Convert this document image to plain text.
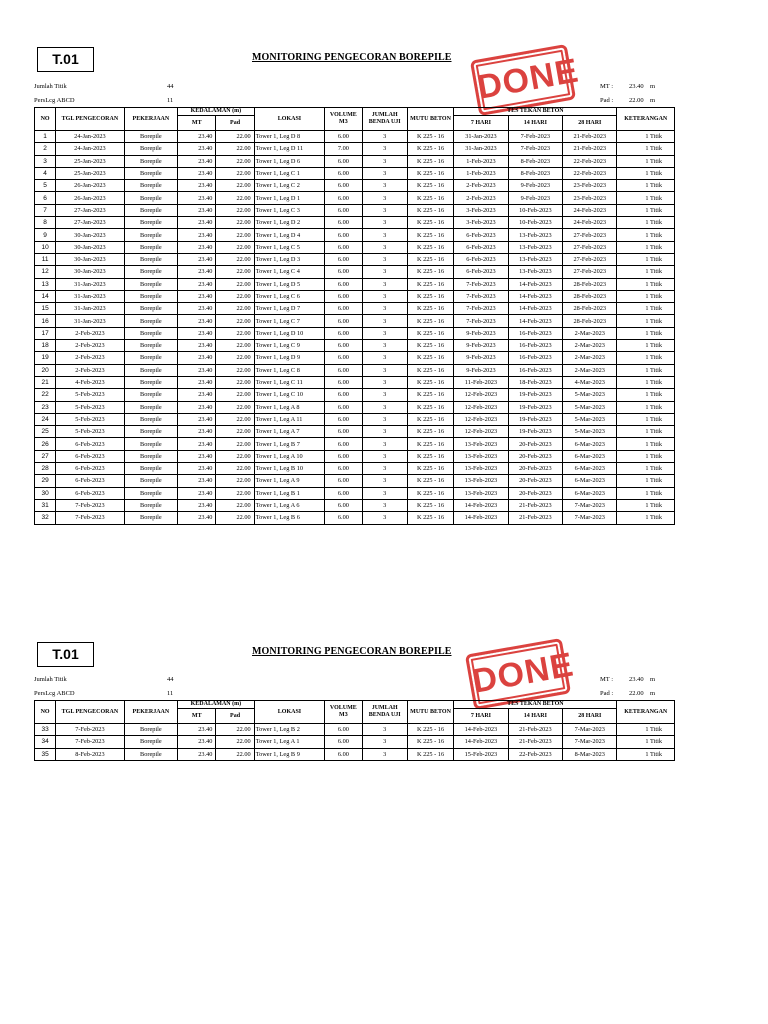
T.01	MONITORING PENGECORAN BOREPILE DONE
Jumlah Titik	44
PersLcg ABCD	11
MT : 23.40 m
Pad : 22.00 m
NO	TGL PENGECORAN	PEKERJAAN	KEDALAMAN (m)		LOKASI	VOLUME M3	JUMLAH BENDA UJI	MUTU BETON	TES TEKAN BETON			KETERANGAN
			MT	Pad					7 HARI	14 HARI	28 HARI	
1	24-Jan-2023	Borepile	23.40	22.00	Tower 1, Leg D 8	6.00	3	K 225 - 16	31-Jan-2023	7-Feb-2023	21-Feb-2023	1 Titik
2	24-Jan-2023	Borepile	23.40	22.00	Tower 1, Leg D 11	7.00	3	K 225 - 16	31-Jan-2023	7-Feb-2023	21-Feb-2023	1 Titik
3	25-Jan-2023	Borepile	23.40	22.00	Tower 1, Leg D 6	6.00	3	K 225 - 16	1-Feb-2023	8-Feb-2023	22-Feb-2023	1 Titik
4	25-Jan-2023	Borepile	23.40	22.00	Tower 1, Leg C 1	6.00	3	K 225 - 16	1-Feb-2023	8-Feb-2023	22-Feb-2023	1 Titik
5	26-Jan-2023	Borepile	23.40	22.00	Tower 1, Leg C 2	6.00	3	K 225 - 16	2-Feb-2023	9-Feb-2023	23-Feb-2023	1 Titik
6	26-Jan-2023	Borepile	23.40	22.00	Tower 1, Leg D 1	6.00	3	K 225 - 16	2-Feb-2023	9-Feb-2023	23-Feb-2023	1 Titik
7	27-Jan-2023	Borepile	23.40	22.00	Tower 1, Leg C 3	6.00	3	K 225 - 16	3-Feb-2023	10-Feb-2023	24-Feb-2023	1 Titik
8	27-Jan-2023	Borepile	23.40	22.00	Tower 1, Leg D 2	6.00	3	K 225 - 16	3-Feb-2023	10-Feb-2023	24-Feb-2023	1 Titik
9	30-Jan-2023	Borepile	23.40	22.00	Tower 1, Leg D 4	6.00	3	K 225 - 16	6-Feb-2023	13-Feb-2023	27-Feb-2023	1 Titik
10	30-Jan-2023	Borepile	23.40	22.00	Tower 1, Leg C 5	6.00	3	K 225 - 16	6-Feb-2023	13-Feb-2023	27-Feb-2023	1 Titik
11	30-Jan-2023	Borepile	23.40	22.00	Tower 1, Leg D 3	6.00	3	K 225 - 16	6-Feb-2023	13-Feb-2023	27-Feb-2023	1 Titik
12	30-Jan-2023	Borepile	23.40	22.00	Tower 1, Leg C 4	6.00	3	K 225 - 16	6-Feb-2023	13-Feb-2023	27-Feb-2023	1 Titik
13	31-Jan-2023	Borepile	23.40	22.00	Tower 1, Leg D 5	6.00	3	K 225 - 16	7-Feb-2023	14-Feb-2023	28-Feb-2023	1 Titik
14	31-Jan-2023	Borepile	23.40	22.00	Tower 1, Leg C 6	6.00	3	K 225 - 16	7-Feb-2023	14-Feb-2023	28-Feb-2023	1 Titik
15	31-Jan-2023	Borepile	23.40	22.00	Tower 1, Leg D 7	6.00	3	K 225 - 16	7-Feb-2023	14-Feb-2023	28-Feb-2023	1 Titik
16	31-Jan-2023	Borepile	23.40	22.00	Tower 1, Leg C 7	6.00	3	K 225 - 16	7-Feb-2023	14-Feb-2023	28-Feb-2023	1 Titik
17	2-Feb-2023	Borepile	23.40	22.00	Tower 1, Leg D 10	6.00	3	K 225 - 16	9-Feb-2023	16-Feb-2023	2-Mar-2023	1 Titik
18	2-Feb-2023	Borepile	23.40	22.00	Tower 1, Leg C 9	6.00	3	K 225 - 16	9-Feb-2023	16-Feb-2023	2-Mar-2023	1 Titik
19	2-Feb-2023	Borepile	23.40	22.00	Tower 1, Leg D 9	6.00	3	K 225 - 16	9-Feb-2023	16-Feb-2023	2-Mar-2023	1 Titik
20	2-Feb-2023	Borepile	23.40	22.00	Tower 1, Leg C 8	6.00	3	K 225 - 16	9-Feb-2023	16-Feb-2023	2-Mar-2023	1 Titik
21	4-Feb-2023	Borepile	23.40	22.00	Tower 1, Leg C 11	6.00	3	K 225 - 16	11-Feb-2023	18-Feb-2023	4-Mar-2023	1 Titik
22	5-Feb-2023	Borepile	23.40	22.00	Tower 1, Leg C 10	6.00	3	K 225 - 16	12-Feb-2023	19-Feb-2023	5-Mar-2023	1 Titik
23	5-Feb-2023	Borepile	23.40	22.00	Tower 1, Leg A 8	6.00	3	K 225 - 16	12-Feb-2023	19-Feb-2023	5-Mar-2023	1 Titik
24	5-Feb-2023	Borepile	23.40	22.00	Tower 1, Leg A 11	6.00	3	K 225 - 16	12-Feb-2023	19-Feb-2023	5-Mar-2023	1 Titik
25	5-Feb-2023	Borepile	23.40	22.00	Tower 1, Leg A 7	6.00	3	K 225 - 16	12-Feb-2023	19-Feb-2023	5-Mar-2023	1 Titik
26	6-Feb-2023	Borepile	23.40	22.00	Tower 1, Leg B 7	6.00	3	K 225 - 16	13-Feb-2023	20-Feb-2023	6-Mar-2023	1 Titik
27	6-Feb-2023	Borepile	23.40	22.00	Tower 1, Leg A 10	6.00	3	K 225 - 16	13-Feb-2023	20-Feb-2023	6-Mar-2023	1 Titik
28	6-Feb-2023	Borepile	23.40	22.00	Tower 1, Leg B 10	6.00	3	K 225 - 16	13-Feb-2023	20-Feb-2023	6-Mar-2023	1 Titik
29	6-Feb-2023	Borepile	23.40	22.00	Tower 1, Leg A 9	6.00	3	K 225 - 16	13-Feb-2023	20-Feb-2023	6-Mar-2023	1 Titik
30	6-Feb-2023	Borepile	23.40	22.00	Tower 1, Leg B 1	6.00	3	K 225 - 16	13-Feb-2023	20-Feb-2023	6-Mar-2023	1 Titik
31	7-Feb-2023	Borepile	23.40	22.00	Tower 1, Leg A 6	6.00	3	K 225 - 16	14-Feb-2023	21-Feb-2023	7-Mar-2023	1 Titik
32	7-Feb-2023	Borepile	23.40	22.00	Tower 1, Leg B 6	6.00	3	K 225 - 16	14-Feb-2023	21-Feb-2023	7-Mar-2023	1 Titik
T.01	MONITORING PENGECORAN BOREPILE DONE
Jumlah Titik	44
PersLcg ABCD	11
MT : 23.40 m
Pad : 22.00 m
NO	TGL PENGECORAN	PEKERJAAN	KEDALAMAN (m)		LOKASI	VOLUME M3	JUMLAH BENDA UJI	MUTU BETON	TES TEKAN BETON			KETERANGAN
			MT	Pad					7 HARI	14 HARI	28 HARI	
33	7-Feb-2023	Borepile	23.40	22.00	Tower 1, Leg B 2	6.00	3	K 225 - 16	14-Feb-2023	21-Feb-2023	7-Mar-2023	1 Titik
34	7-Feb-2023	Borepile	23.40	22.00	Tower 1, Leg A 1	6.00	3	K 225 - 16	14-Feb-2023	21-Feb-2023	7-Mar-2023	1 Titik
35	8-Feb-2023	Borepile	23.40	22.00	Tower 1, Leg B 9	6.00	3	K 225 - 16	15-Feb-2023	22-Feb-2023	8-Mar-2023	1 Titik
